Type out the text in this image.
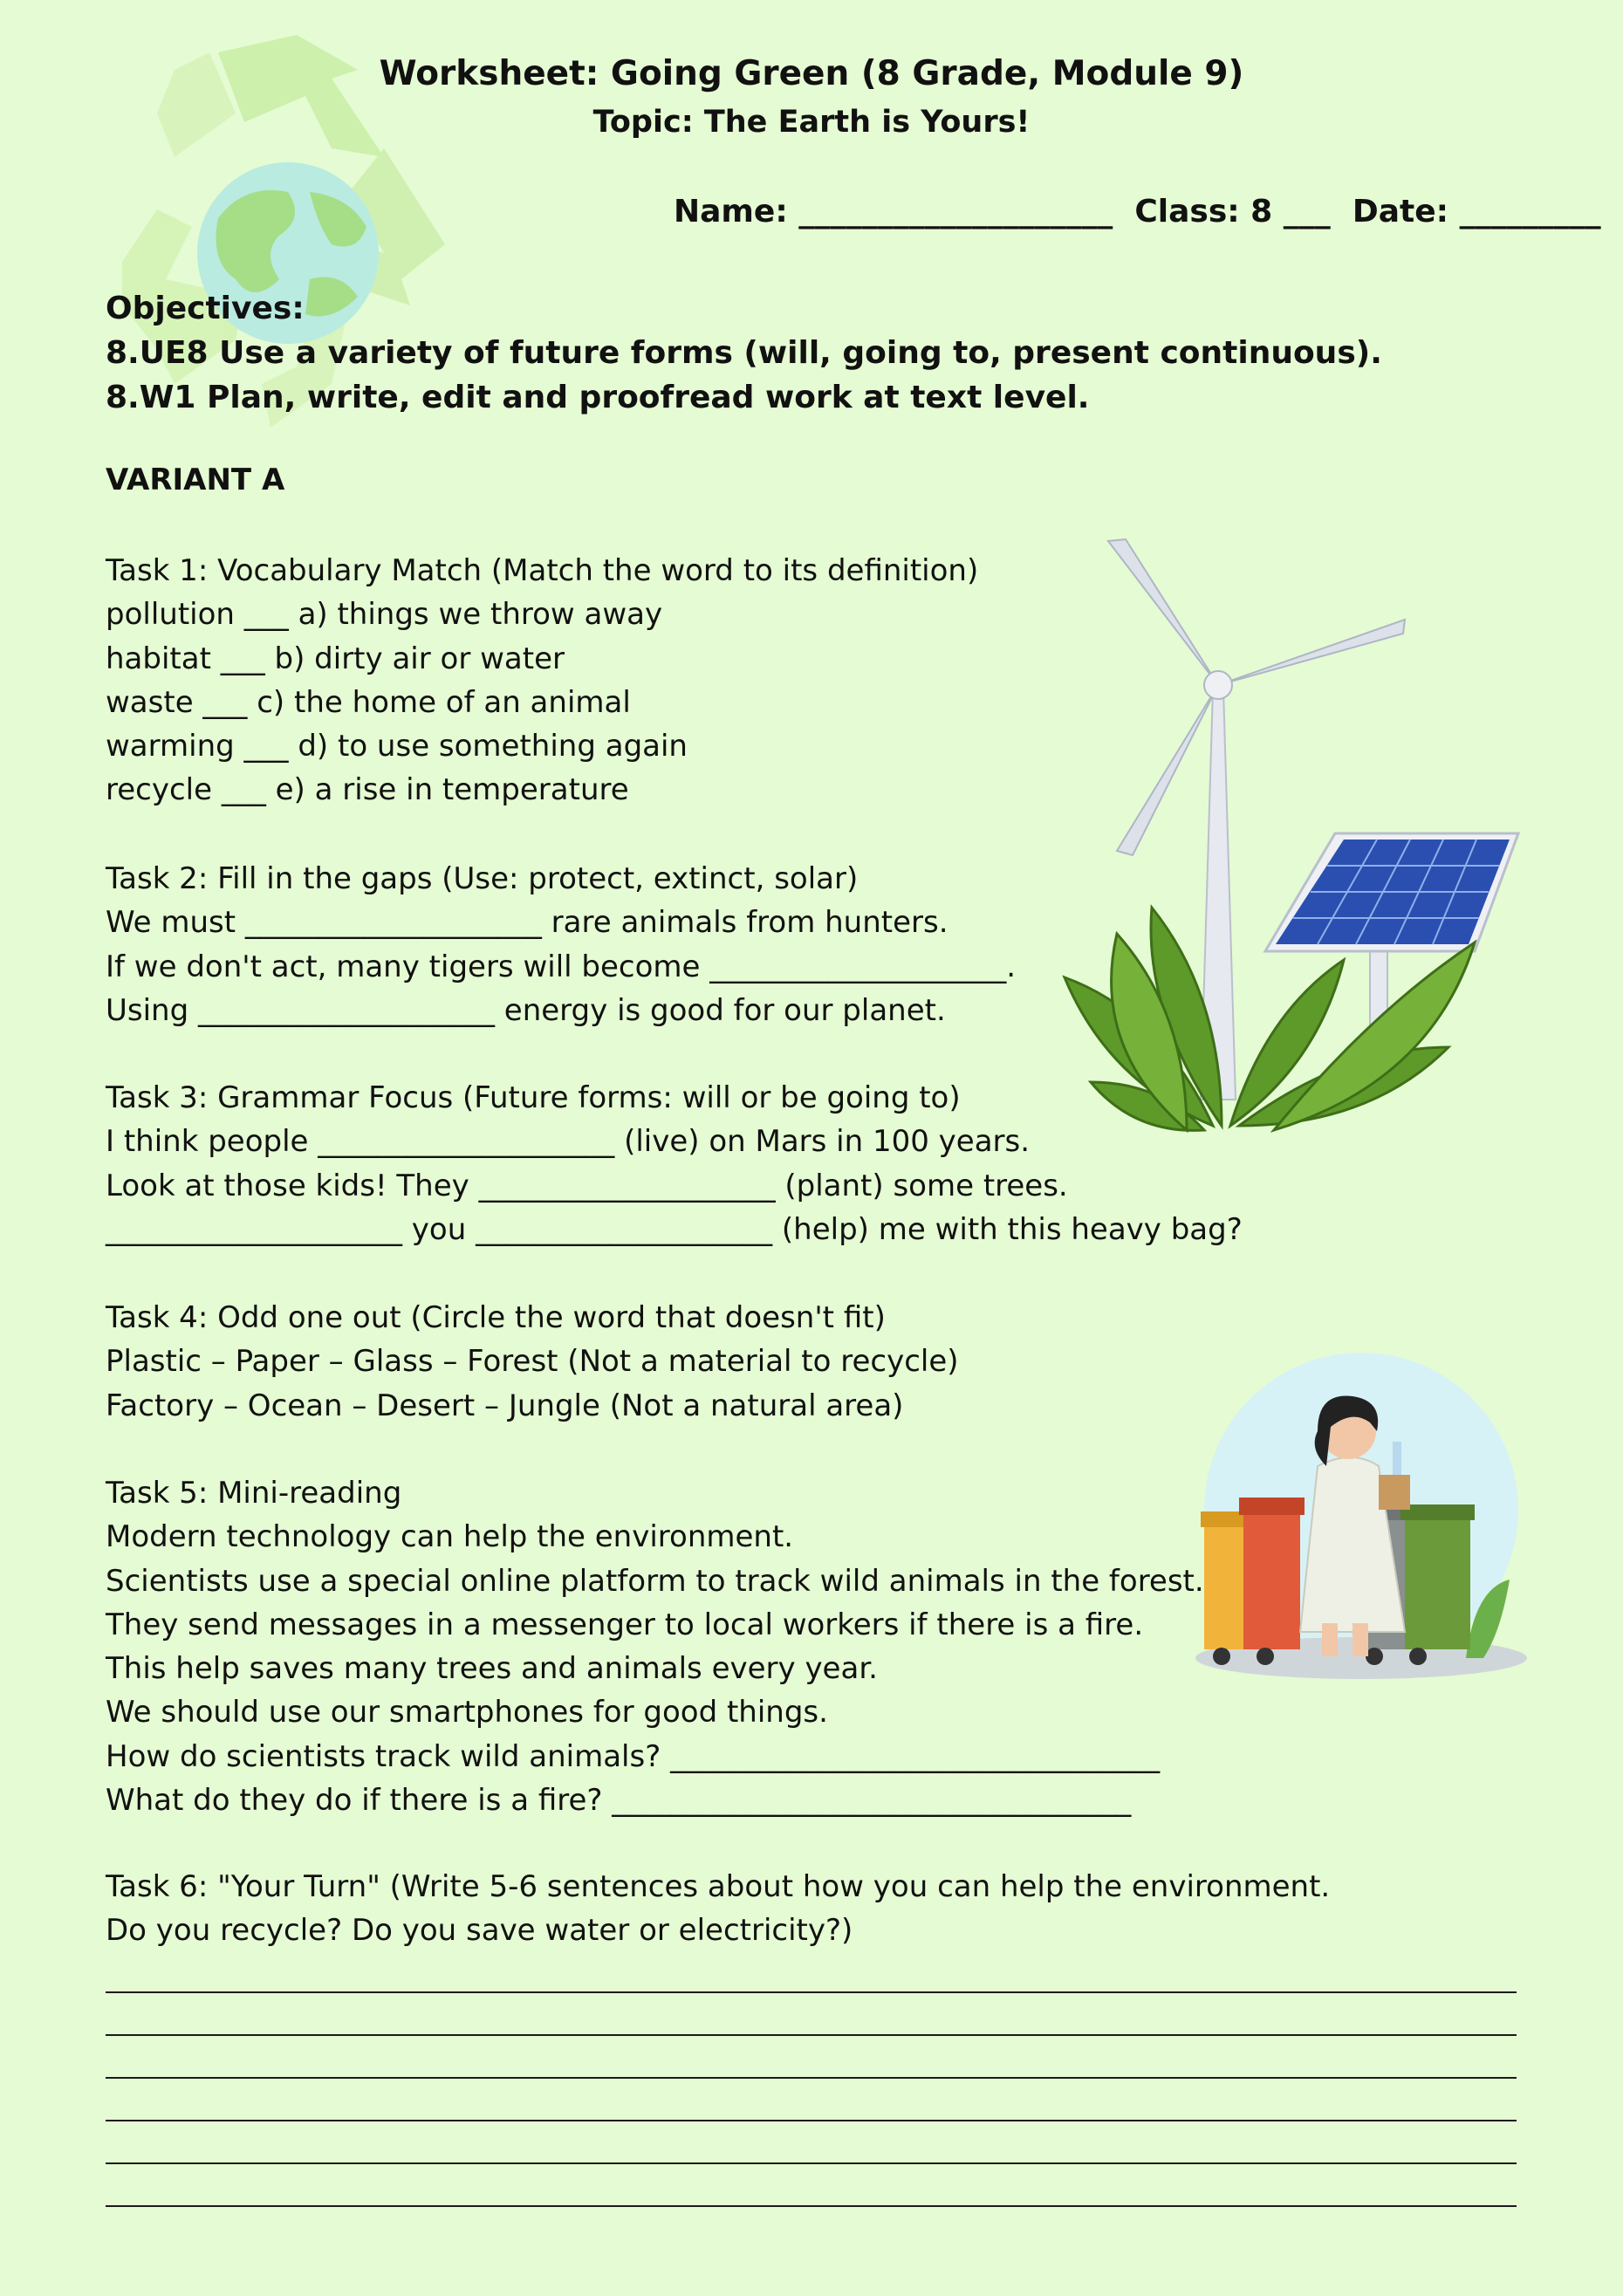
Worksheet: Going Green (8 Grade, Module 9)
Topic: The Earth is Yours!
Name: ____________________  Class: 8 ___  Date: _________
Objectives:
8.UE8 Use a variety of future forms (will, going to, present continuous).
8.W1 Plan, write, edit and proofread work at text level.
VARIANT A
Task 1: Vocabulary Match (Match the word to its definition)
pollution ___ a) things we throw away
habitat ___ b) dirty air or water
waste ___ c) the home of an animal
warming ___ d) to use something again
recycle ___ e) a rise in temperature
Task 2: Fill in the gaps (Use: protect, extinct, solar)
We must ____________________ rare animals from hunters.
If we don't act, many tigers will become ____________________.
Using ____________________ energy is good for our planet.
Task 3: Grammar Focus (Future forms: will or be going to)
I think people ____________________ (live) on Mars in 100 years.
Look at those kids! They ____________________ (plant) some trees.
____________________ you ____________________ (help) me with this heavy bag?
Task 4: Odd one out (Circle the word that doesn't fit)
Plastic – Paper – Glass – Forest (Not a material to recycle)
Factory – Ocean – Desert – Jungle (Not a natural area)
Task 5: Mini-reading
Modern technology can help the environment.
Scientists use a special online platform to track wild animals in the forest.
They send messages in a messenger to local workers if there is a fire.
This help saves many trees and animals every year.
We should use our smartphones for good things.
How do scientists track wild animals? _________________________________
What do they do if there is a fire? ___________________________________
Task 6: "Your Turn" (Write 5-6 sentences about how you can help the environment.
Do you recycle? Do you save water or electricity?)
